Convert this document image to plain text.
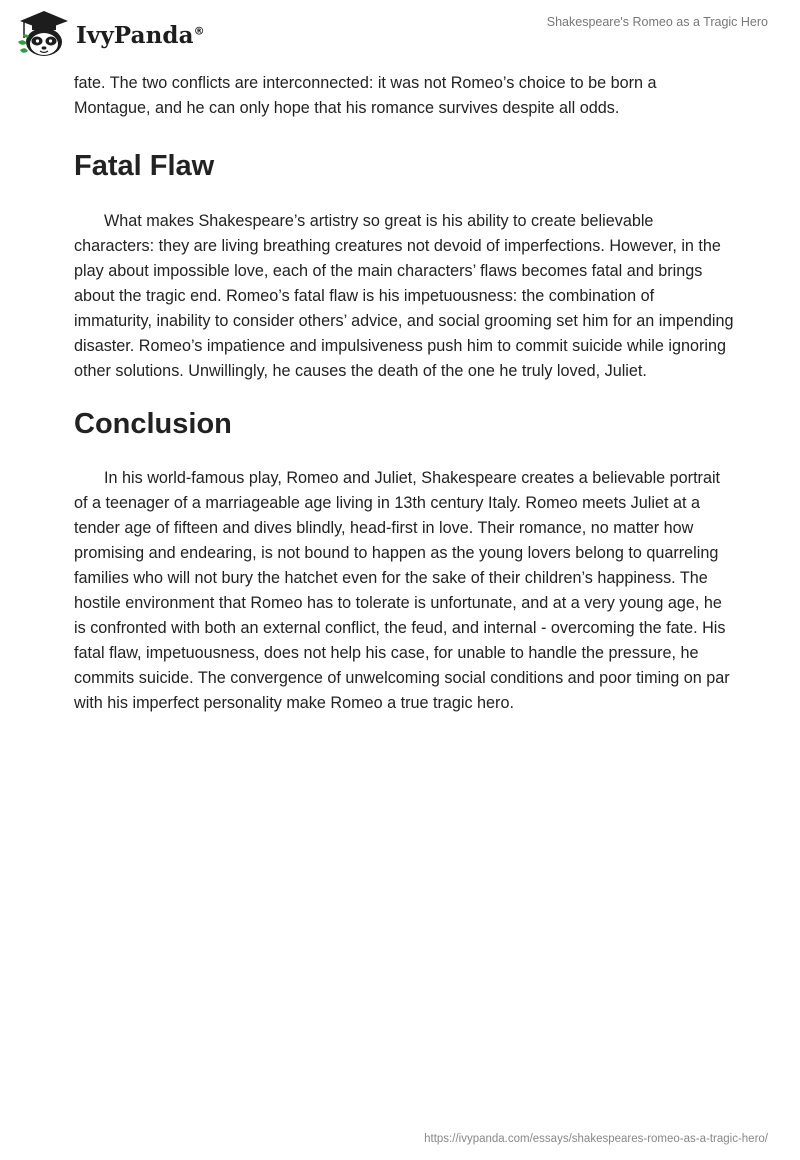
IvyPanda®
Shakespeare's Romeo as a Tragic Hero

fate. The two conflicts are interconnected: it was not Romeo’s choice to be born a Montague, and he can only hope that his romance survives despite all odds.

Fatal Flaw

What makes Shakespeare’s artistry so great is his ability to create believable characters: they are living breathing creatures not devoid of imperfections. However, in the play about impossible love, each of the main characters’ flaws becomes fatal and brings about the tragic end. Romeo’s fatal flaw is his impetuousness: the combination of immaturity, inability to consider others’ advice, and social grooming set him for an impending disaster. Romeo’s impatience and impulsiveness push him to commit suicide while ignoring other solutions. Unwillingly, he causes the death of the one he truly loved, Juliet.

Conclusion

In his world-famous play, Romeo and Juliet, Shakespeare creates a believable portrait of a teenager of a marriageable age living in 13th century Italy. Romeo meets Juliet at a tender age of fifteen and dives blindly, head-first in love. Their romance, no matter how promising and endearing, is not bound to happen as the young lovers belong to quarreling families who will not bury the hatchet even for the sake of their children’s happiness. The hostile environment that Romeo has to tolerate is unfortunate, and at a very young age, he is confronted with both an external conflict, the feud, and internal - overcoming the fate. His fatal flaw, impetuousness, does not help his case, for unable to handle the pressure, he commits suicide. The convergence of unwelcoming social conditions and poor timing on par with his imperfect personality make Romeo a true tragic hero.

https://ivypanda.com/essays/shakespeares-romeo-as-a-tragic-hero/
